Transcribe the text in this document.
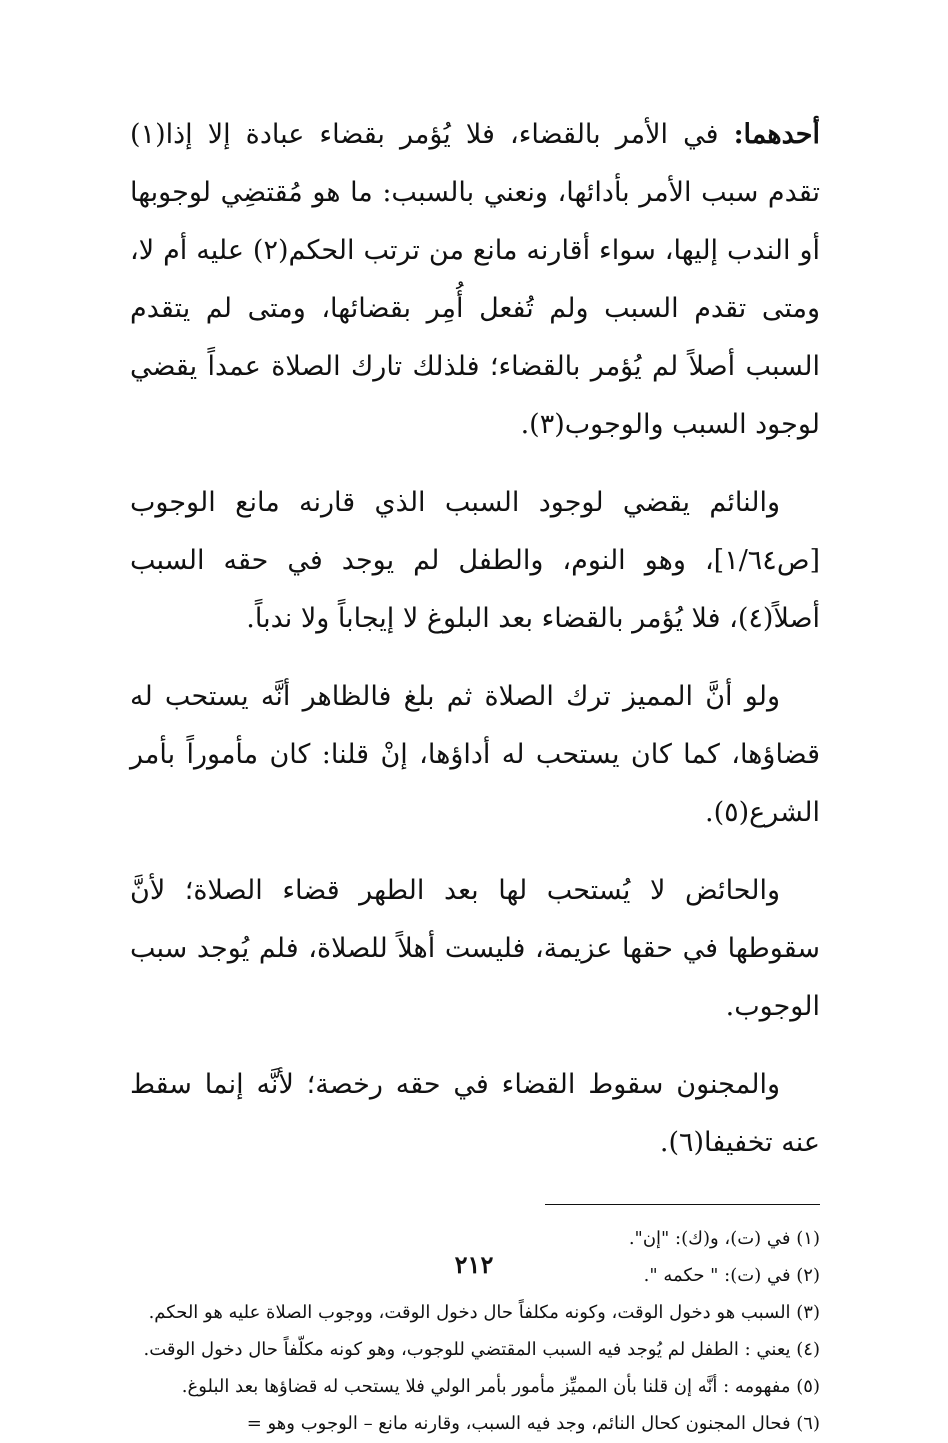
أحدهما: في الأمر بالقضاء، فلا يُؤمر بقضاء عبادة إلا إذا(١) تقدم سبب الأمر بأدائها، ونعني بالسبب: ما هو مُقتضِي لوجوبها أو الندب إليها، سواء أقارنه مانع من ترتب الحكم(٢) عليه أم لا، ومتى تقدم السبب ولم تُفعل أُمِر بقضائها، ومتى لم يتقدم السبب أصلاً لم يُؤمر بالقضاء؛ فلذلك تارك الصلاة عمداً يقضي لوجود السبب والوجوب(٣).

والنائم يقضي لوجود السبب الذي قارنه مانع الوجوب [ص١/٦٤]، وهو النوم، والطفل لم يوجد في حقه السبب أصلاً(٤)، فلا يُؤمر بالقضاء بعد البلوغ لا إيجاباً ولا ندباً.

ولو أنَّ المميز ترك الصلاة ثم بلغ فالظاهر أنَّه يستحب له قضاؤها، كما كان يستحب له أداؤها، إنْ قلنا: كان مأموراً بأمر الشرع(٥).

والحائض لا يُستحب لها بعد الطهر قضاء الصلاة؛ لأنَّ سقوطها في حقها عزيمة، فليست أهلاً للصلاة، فلم يُوجد سبب الوجوب.

والمجنون سقوط القضاء في حقه رخصة؛ لأنَّه إنما سقط عنه تخفيفا(٦).

(١) في (ت)، و(ك): "إن".
(٢) في (ت): " حكمه ".
(٣) السبب هو دخول الوقت، وكونه مكلفاً حال دخول الوقت، ووجوب الصلاة عليه هو الحكم.
(٤) يعني : الطفل لم يُوجد فيه السبب المقتضي للوجوب، وهو كونه مكلّفاً حال دخول الوقت.
(٥) مفهومه : أنَّه إن قلنا بأن المميِّز مأمور بأمر الولي فلا يستحب له قضاؤها بعد البلوغ.
(٦) فحال المجنون كحال النائم، وجد فيه السبب، وقارنه مانع – الوجوب وهو =
٢١٢
